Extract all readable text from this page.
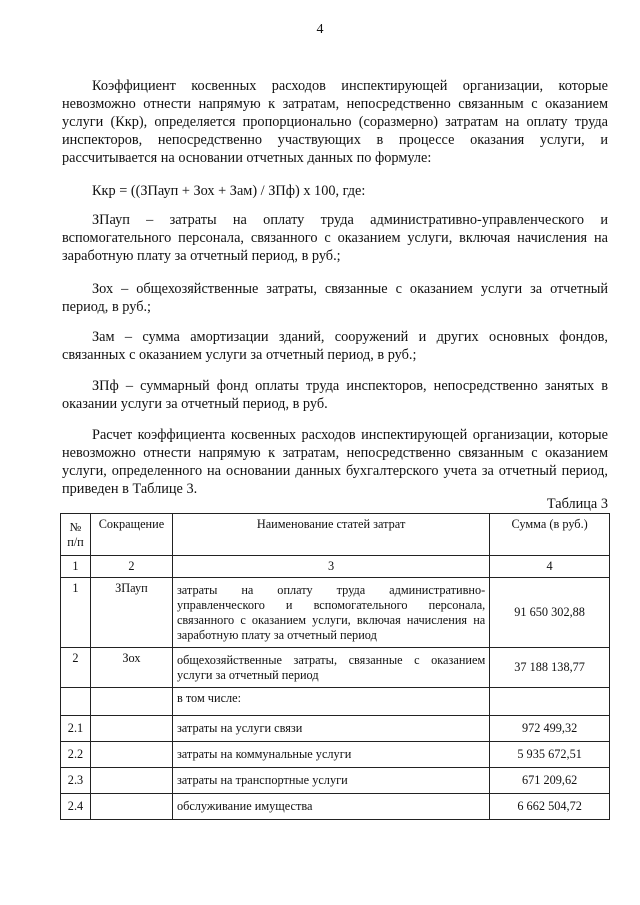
4

Коэффициент косвенных расходов инспектирующей организации, которые невозможно отнести напрямую к затратам, непосредственно связанным с оказанием услуги (Ккр), определяется пропорционально (соразмерно) затратам на оплату труда инспекторов, непосредственно участвующих в процессе оказания услуги, и рассчитывается на основании отчетных данных по формуле:

Ккр = ((ЗПауп + Зох + Зам) / ЗПф) х 100, где:

ЗПауп – затраты на оплату труда административно-управленческого и вспомогательного персонала, связанного с оказанием услуги, включая начисления на заработную плату за отчетный период, в руб.;

Зох – общехозяйственные затраты, связанные с оказанием услуги за отчетный период, в руб.;

Зам – сумма амортизации зданий, сооружений и других основных фондов, связанных с оказанием услуги за отчетный период, в руб.;

ЗПф – суммарный фонд оплаты труда инспекторов, непосредственно занятых в оказании услуги за отчетный период, в руб.

Расчет коэффициента косвенных расходов инспектирующей организации, которые невозможно отнести напрямую к затратам, непосредственно связанным с оказанием услуги, определенного на основании данных бухгалтерского учета за отчетный период, приведен в Таблице 3.

Таблица 3
№ п/п	Сокращение	Наименование статей затрат	Сумма (в руб.)
1	2	3	4
1	ЗПауп	затраты на оплату труда административно-управленческого и вспомогательного персонала, связанного с оказанием услуги, включая начисления на заработную плату за отчетный период	91 650 302,88
2	Зох	общехозяйственные затраты, связанные с оказанием услуги за отчетный период	37 188 138,77
		в том числе:	
2.1		затраты на услуги связи	972 499,32
2.2		затраты на коммунальные услуги	5 935 672,51
2.3		затраты на транспортные услуги	671 209,62
2.4		обслуживание имущества	6 662 504,72
